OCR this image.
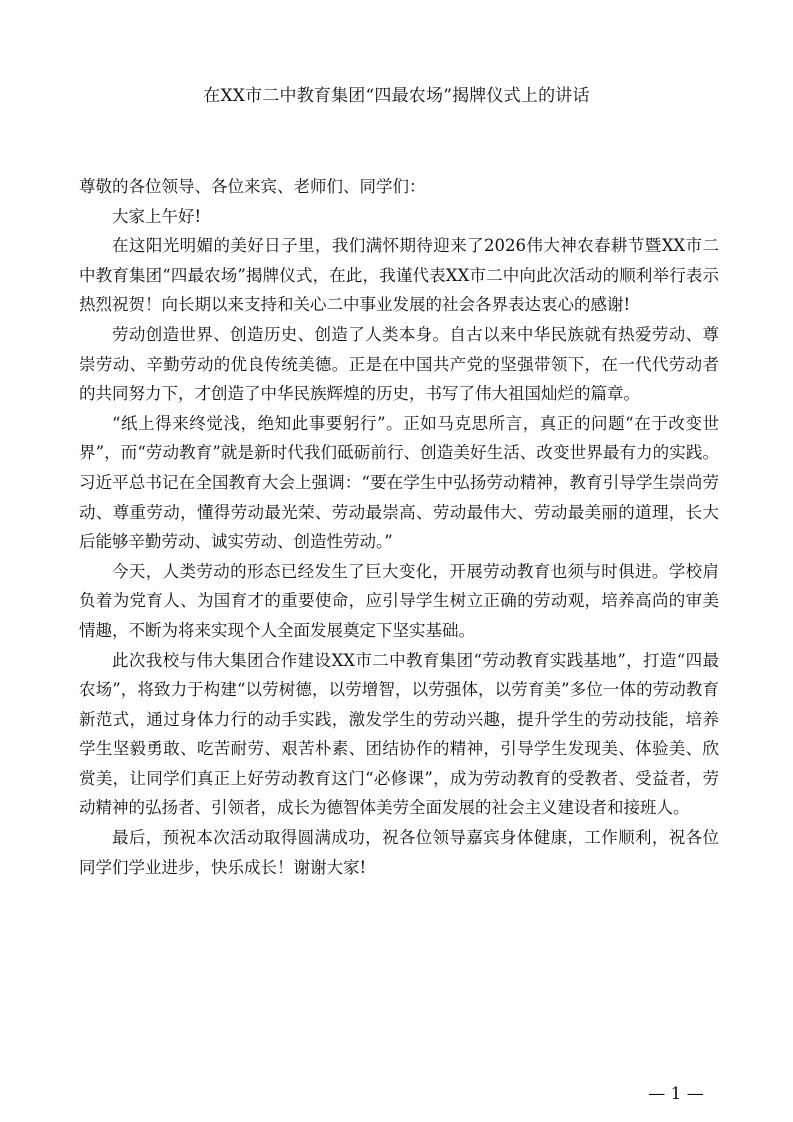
在XX市二中教育集团“四最农场”揭牌仪式上的讲话

尊敬的各位领导、各位来宾、老师们、同学们：

大家上午好!

在这阳光明媚的美好日子里，我们满怀期待迎来了2026伟大神农春耕节暨XX市二中教育集团“四最农场”揭牌仪式，在此，我谨代表XX市二中向此次活动的顺利举行表示热烈祝贺！向长期以来支持和关心二中事业发展的社会各界表达衷心的感谢!

劳动创造世界、创造历史、创造了人类本身。自古以来中华民族就有热爱劳动、尊崇劳动、辛勤劳动的优良传统美德。正是在中国共产党的坚强带领下，在一代代劳动者的共同努力下，才创造了中华民族辉煌的历史，书写了伟大祖国灿烂的篇章。

“纸上得来终觉浅，绝知此事要躬行”。正如马克思所言，真正的问题“在于改变世界”，而“劳动教育”就是新时代我们砥砺前行、创造美好生活、改变世界最有力的实践。习近平总书记在全国教育大会上强调：“要在学生中弘扬劳动精神，教育引导学生崇尚劳动、尊重劳动，懂得劳动最光荣、劳动最崇高、劳动最伟大、劳动最美丽的道理，长大后能够辛勤劳动、诚实劳动、创造性劳动。”

今天，人类劳动的形态已经发生了巨大变化，开展劳动教育也须与时俱进。学校肩负着为党育人、为国育才的重要使命，应引导学生树立正确的劳动观，培养高尚的审美情趣，不断为将来实现个人全面发展奠定下坚实基础。

此次我校与伟大集团合作建设XX市二中教育集团“劳动教育实践基地”，打造“四最农场”，将致力于构建“以劳树德，以劳增智，以劳强体，以劳育美”多位一体的劳动教育新范式，通过身体力行的动手实践，激发学生的劳动兴趣，提升学生的劳动技能，培养学生坚毅勇敢、吃苦耐劳、艰苦朴素、团结协作的精神，引导学生发现美、体验美、欣赏美，让同学们真正上好劳动教育这门“必修课”，成为劳动教育的受教者、受益者，劳动精神的弘扬者、引领者，成长为德智体美劳全面发展的社会主义建设者和接班人。

最后，预祝本次活动取得圆满成功，祝各位领导嘉宾身体健康，工作顺利，祝各位同学们学业进步，快乐成长！谢谢大家!

— 1 —
